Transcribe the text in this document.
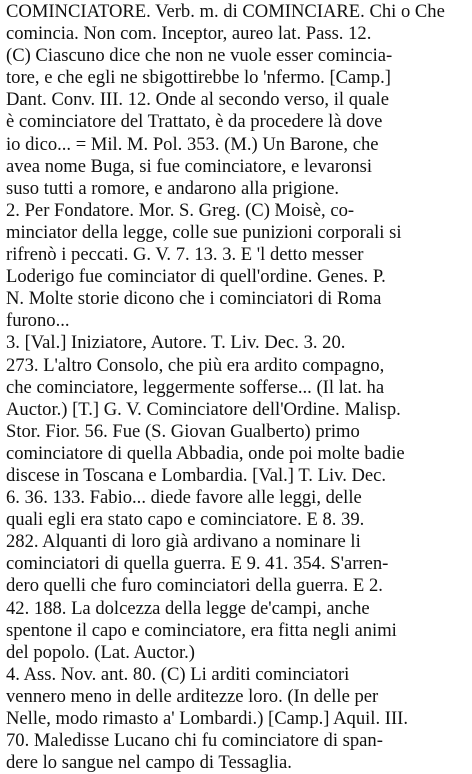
COMINCIATORE. Verb. m. di COMINCIARE. Chi o Che
comincia. Non com. Inceptor, aureo lat. Pass. 12.
(C) Ciascuno dice che non ne vuole esser comincia-
tore, e che egli ne sbigottirebbe lo 'nfermo. [Camp.]
Dant. Conv. III. 12. Onde al secondo verso, il quale
è cominciatore del Trattato, è da procedere là dove
io dico... = Mil. M. Pol. 353. (M.) Un Barone, che
avea nome Buga, si fue cominciatore, e levaronsi
suso tutti a romore, e andarono alla prigione.
2. Per Fondatore. Mor. S. Greg. (C) Moisè, co-
minciator della legge, colle sue punizioni corporali si
rifrenò i peccati. G. V. 7. 13. 3. E 'l detto messer
Loderigo fue cominciator di quell'ordine. Genes. P.
N. Molte storie dicono che i cominciatori di Roma
furono...
3. [Val.] Iniziatore, Autore. T. Liv. Dec. 3. 20.
273. L'altro Consolo, che più era ardito compagno,
che cominciatore, leggermente sofferse... (Il lat. ha
Auctor.) [T.] G. V. Cominciatore dell'Ordine. Malisp.
Stor. Fior. 56. Fue (S. Giovan Gualberto) primo
cominciatore di quella Abbadia, onde poi molte badie
discese in Toscana e Lombardia. [Val.] T. Liv. Dec.
6. 36. 133. Fabio... diede favore alle leggi, delle
quali egli era stato capo e cominciatore. E 8. 39.
282. Alquanti di loro già ardivano a nominare li
cominciatori di quella guerra. E 9. 41. 354. S'arren-
dero quelli che furo cominciatori della guerra. E 2.
42. 188. La dolcezza della legge de'campi, anche
spentone il capo e cominciatore, era fitta negli animi
del popolo. (Lat. Auctor.)
4. Ass. Nov. ant. 80. (C) Li arditi cominciatori
vennero meno in delle arditezze loro. (In delle per
Nelle, modo rimasto a' Lombardi.) [Camp.] Aquil. III.
70. Maledisse Lucano chi fu cominciatore di span-
dere lo sangue nel campo di Tessaglia.
